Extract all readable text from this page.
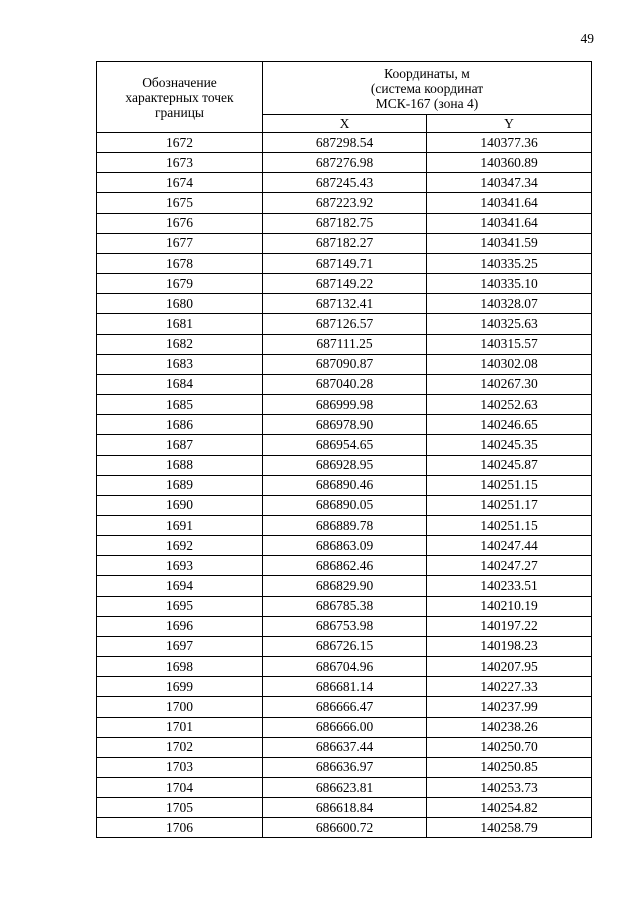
49
Обозначение
характерных точек
границы	Координаты, м
(система координат
МСК-167 (зона 4)	

	X	Y
1672	687298.54	140377.36
1673	687276.98	140360.89
1674	687245.43	140347.34
1675	687223.92	140341.64
1676	687182.75	140341.64
1677	687182.27	140341.59
1678	687149.71	140335.25
1679	687149.22	140335.10
1680	687132.41	140328.07
1681	687126.57	140325.63
1682	687111.25	140315.57
1683	687090.87	140302.08
1684	687040.28	140267.30
1685	686999.98	140252.63
1686	686978.90	140246.65
1687	686954.65	140245.35
1688	686928.95	140245.87
1689	686890.46	140251.15
1690	686890.05	140251.17
1691	686889.78	140251.15
1692	686863.09	140247.44
1693	686862.46	140247.27
1694	686829.90	140233.51
1695	686785.38	140210.19
1696	686753.98	140197.22
1697	686726.15	140198.23
1698	686704.96	140207.95
1699	686681.14	140227.33
1700	686666.47	140237.99
1701	686666.00	140238.26
1702	686637.44	140250.70
1703	686636.97	140250.85
1704	686623.81	140253.73
1705	686618.84	140254.82
1706	686600.72	140258.79
